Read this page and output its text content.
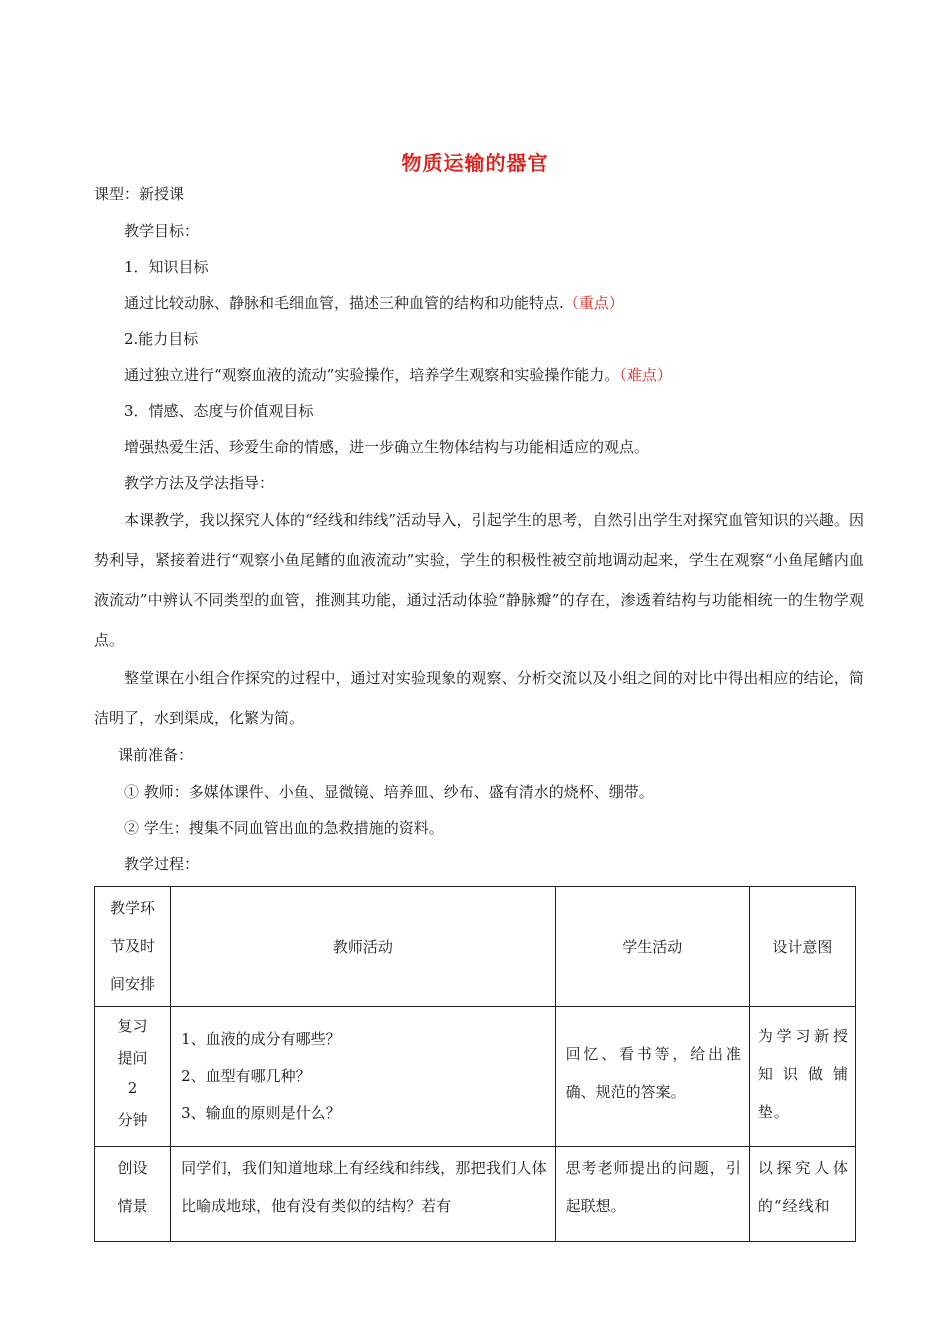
物质运输的器官
课型：新授课
教学目标：
1．知识目标
通过比较动脉、静脉和毛细血管，描述三种血管的结构和功能特点.（重点）
2.能力目标
通过独立进行“观察血液的流动”实验操作，培养学生观察和实验操作能力。（难点）
3．情感、态度与价值观目标
增强热爱生活、珍爱生命的情感，进一步确立生物体结构与功能相适应的观点。
教学方法及学法指导：
本课教学，我以探究人体的“经线和纬线”活动导入，引起学生的思考，自然引出学生对探究血管知识的兴趣。因势利导，紧接着进行“观察小鱼尾鳍的血液流动”实验，学生的积极性被空前地调动起来，学生在观察“小鱼尾鳍内血液流动”中辨认不同类型的血管，推测其功能，通过活动体验“静脉瓣”的存在，渗透着结构与功能相统一的生物学观点。
整堂课在小组合作探究的过程中，通过对实验现象的观察、分析交流以及小组之间的对比中得出相应的结论，简洁明了，水到渠成，化繁为简。
课前准备：
① 教师：多媒体课件、小鱼、显微镜、培养皿、纱布、盛有清水的烧杯、绷带。
② 学生：搜集不同血管出血的急救措施的资料。
教学过程：
教学环
节及时
间安排	教师活动	学生活动	设计意图

复习
提问
2
分钟	1、血液的成分有哪些？
2、血型有哪几种？
3、输血的原则是什么？	回忆、看书等，给出准确、规范的答案。	为学习新授知识做铺垫。

创设
情景	同学们，我们知道地球上有经线和纬线，那把我们人体比喻成地球，他有没有类似的结构？若有	思考老师提出的问题，引起联想。	以探究人体的“经线和
